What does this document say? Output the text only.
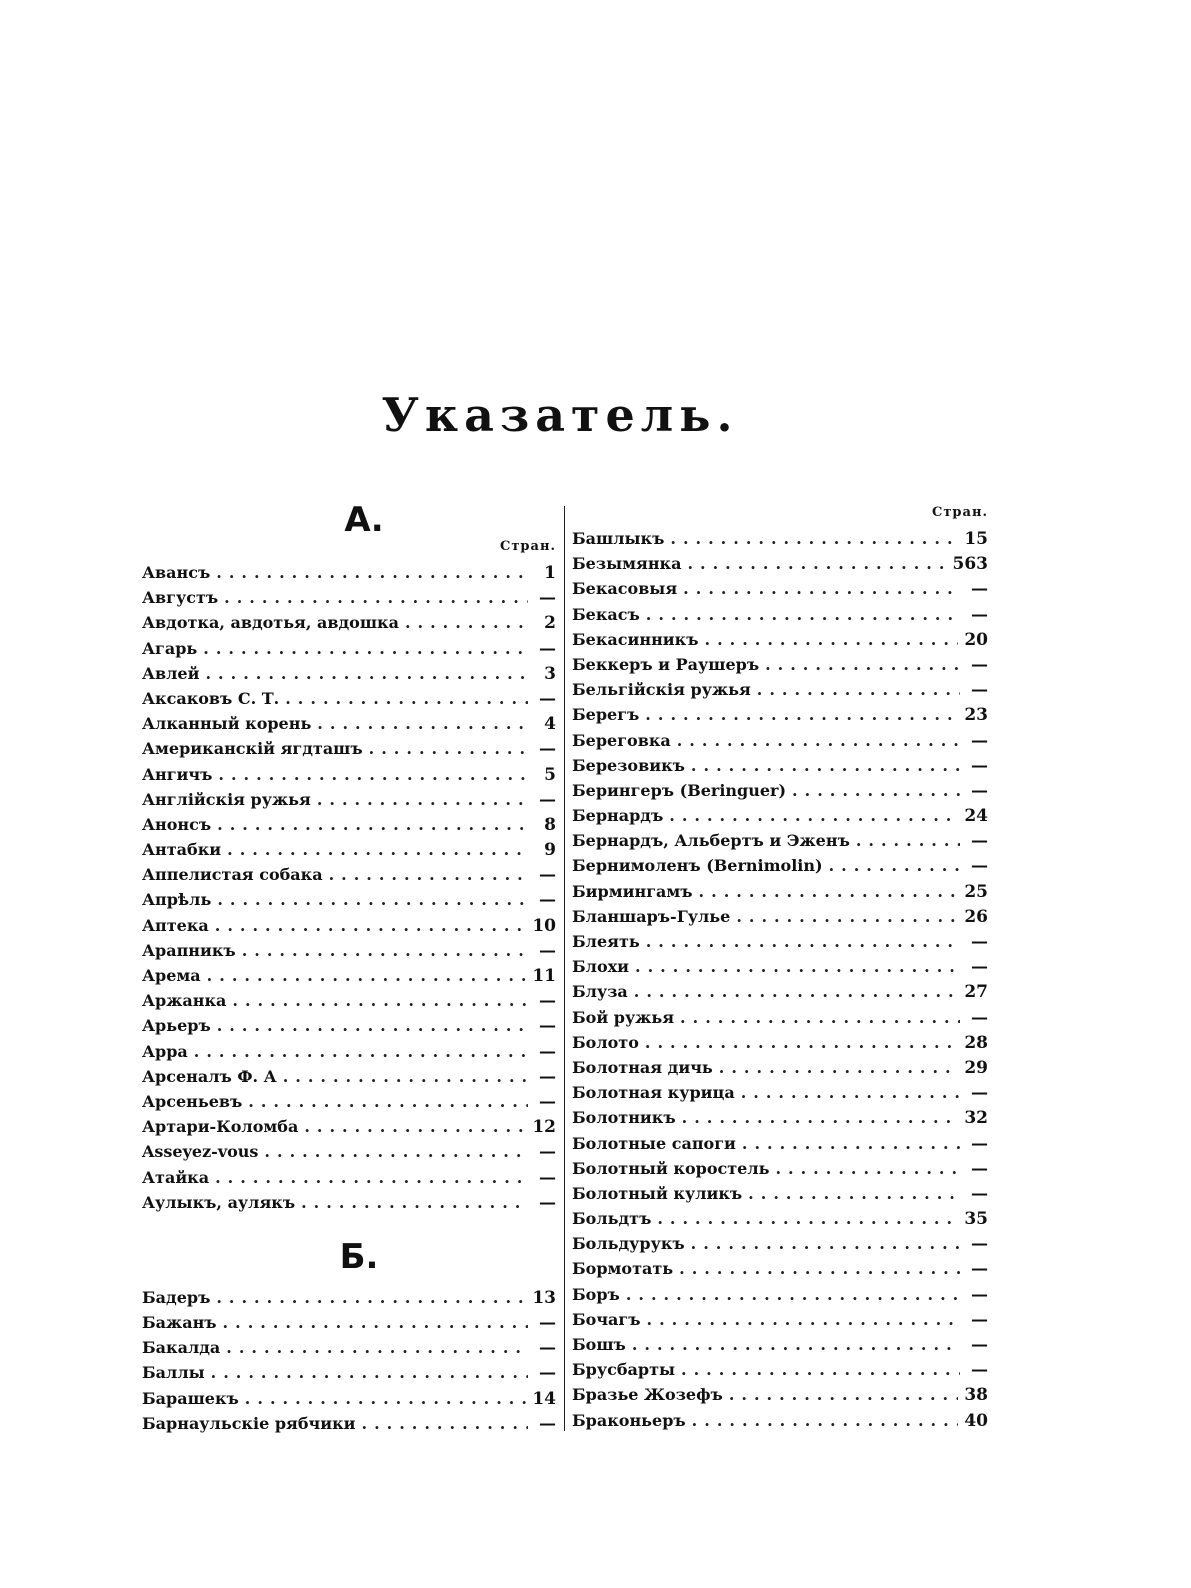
Указатель.
А.
Стран.
Авансъ .....	1
Августъ .....	—
Авдотка, авдотья, авдошка .....	2
Агарь .....	—
Авлей .....	3
Аксаковъ С. Т. .....	—
Алканный корень .....	4
Американскій ягдташъ .....	—
Ангичъ .....	5
Англійскія ружья .....	—
Анонсъ .....	8
Антабки .....	9
Аппелистая собака .....	—
Апрѣль .....	—
Аптека .....	10
Арапникъ .....	—
Арема .....	11
Аржанка .....	—
Арьеръ .....	—
Арра .....	—
Арсеналъ Ф. А .....	—
Арсеньевъ .....	—
Артари-Коломба .....	12
Asseyez-vous .....	—
Атайка .....	—
Аулыкъ, аулякъ .....	—
Б.
Бадеръ .....	13
Бажанъ .....	—
Бакалда .....	—
Баллы .....	—
Барашекъ .....	14
Барнаульскіе рябчики .....	—
Стран.
Башлыкъ .....	15
Безымянка .....	563
Бекасовыя .....	—
Бекасъ .....	—
Бекасинникъ .....	20
Беккеръ и Раушеръ .....	—
Бельгійскія ружья .....	—
Берегъ .....	23
Береговка .....	—
Березовикъ .....	—
Берингеръ (Beringuer) .....	—
Бернардъ .....	24
Бернардъ, Альбертъ и Эженъ .....	—
Бернимоленъ (Bernimolin) .....	—
Бирмингамъ .....	25
Бланшаръ-Гулье .....	26
Блеять .....	—
Блохи .....	—
Блуза .....	27
Бой ружья .....	—
Болото .....	28
Болотная дичь .....	29
Болотная курица .....	—
Болотникъ .....	32
Болотные сапоги .....	—
Болотный коростель .....	—
Болотный куликъ .....	—
Больдтъ .....	35
Больдурукъ .....	—
Бормотать .....	—
Боръ .....	—
Бочагъ .....	—
Бошъ .....	—
Брусбарты .....	—
Бразье Жозефъ .....	38
Браконьеръ .....	40
